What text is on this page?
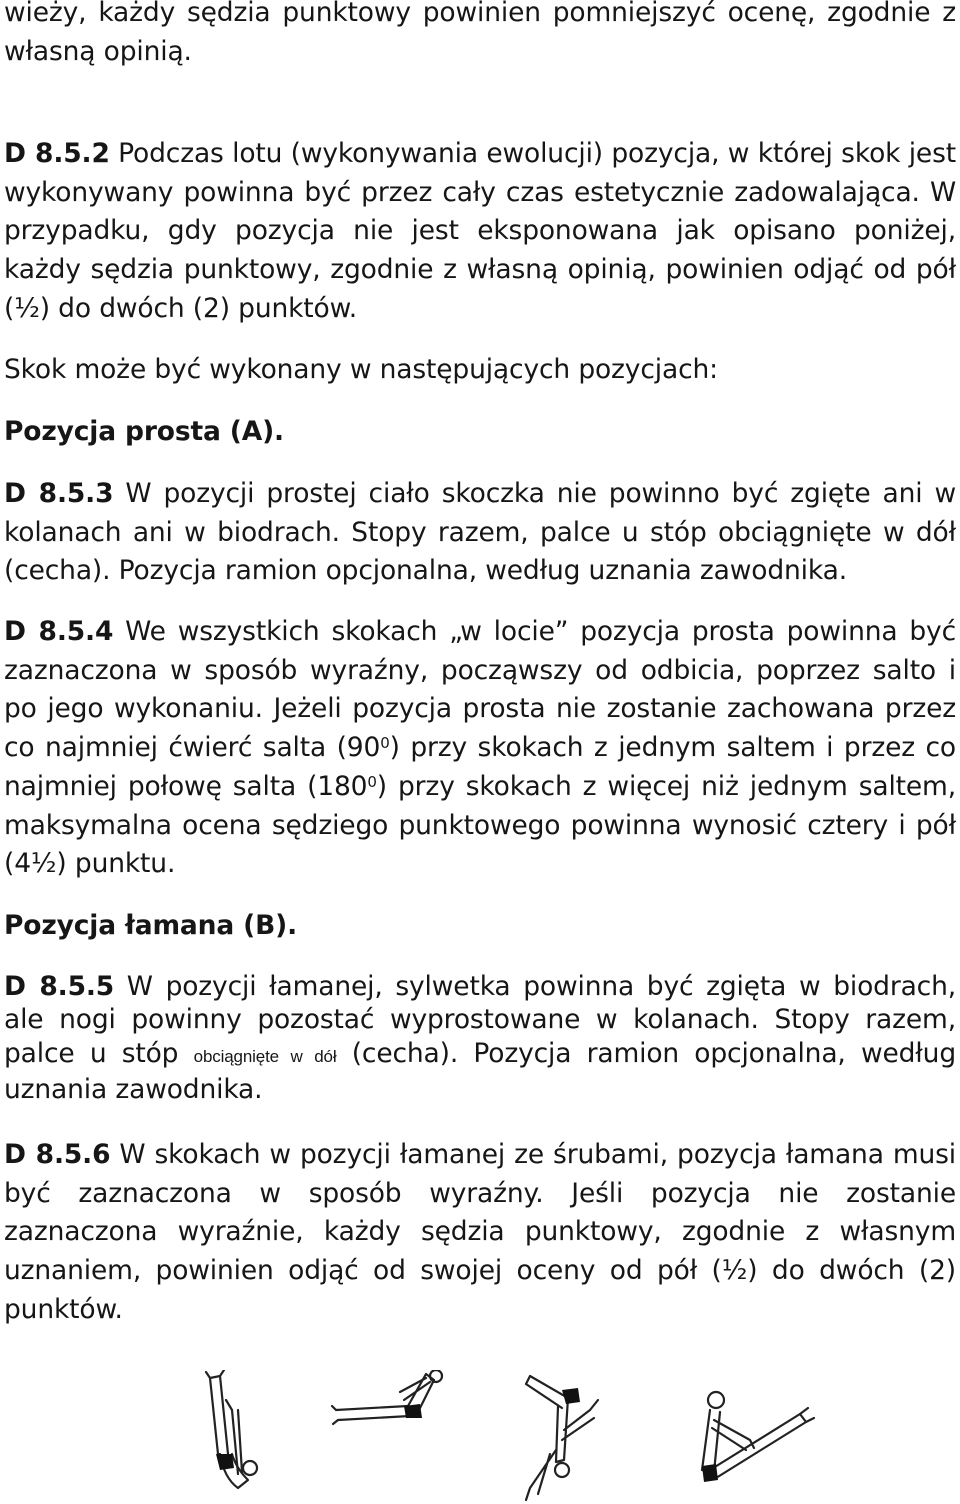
wieży, każdy sędzia punktowy powinien pomniejszyć ocenę, zgodnie z
własną opinią.
D 8.5.2 Podczas lotu (wykonywania ewolucji) pozycja, w której skok jest wykonywany powinna być przez cały czas estetycznie zadowalająca. W przypadku, gdy pozycja nie jest eksponowana jak opisano poniżej, każdy sędzia punktowy, zgodnie z własną opinią, powinien odjąć od pół (½) do dwóch (2) punktów.
Skok może być wykonany w następujących pozycjach:
Pozycja prosta (A).
D 8.5.3 W pozycji prostej ciało skoczka nie powinno być zgięte ani w kolanach ani w biodrach. Stopy razem, palce u stóp obciągnięte w dół (cecha). Pozycja ramion opcjonalna, według uznania zawodnika.
D 8.5.4 We wszystkich skokach „w locie” pozycja prosta powinna być zaznaczona w sposób wyraźny, począwszy od odbicia, poprzez salto i po jego wykonaniu. Jeżeli pozycja prosta nie zostanie zachowana przez co najmniej ćwierć salta $(90^0)$ przy skokach z jednym saltem i przez co najmniej połowę salta $(180^0)$ przy skokach z więcej niż jednym saltem, maksymalna ocena sędziego punktowego powinna wynosić cztery i pół (4½) punktu.
Pozycja łamana (B).
D 8.5.5 W pozycji łamanej, sylwetka powinna być zgięta w biodrach, ale nogi powinny pozostać wyprostowane w kolanach. Stopy razem, palce u stóp obciągnięte w dół (cecha). Pozycja ramion opcjonalna, według uznania zawodnika.
D 8.5.6 W skokach w pozycji łamanej ze śrubami, pozycja łamana musi być zaznaczona w sposób wyraźny. Jeśli pozycja nie zostanie zaznaczona wyraźnie, każdy sędzia punktowy, zgodnie z własnym uznaniem, powinien odjąć od swojej oceny od pół (½) do dwóch (2) punktów.
